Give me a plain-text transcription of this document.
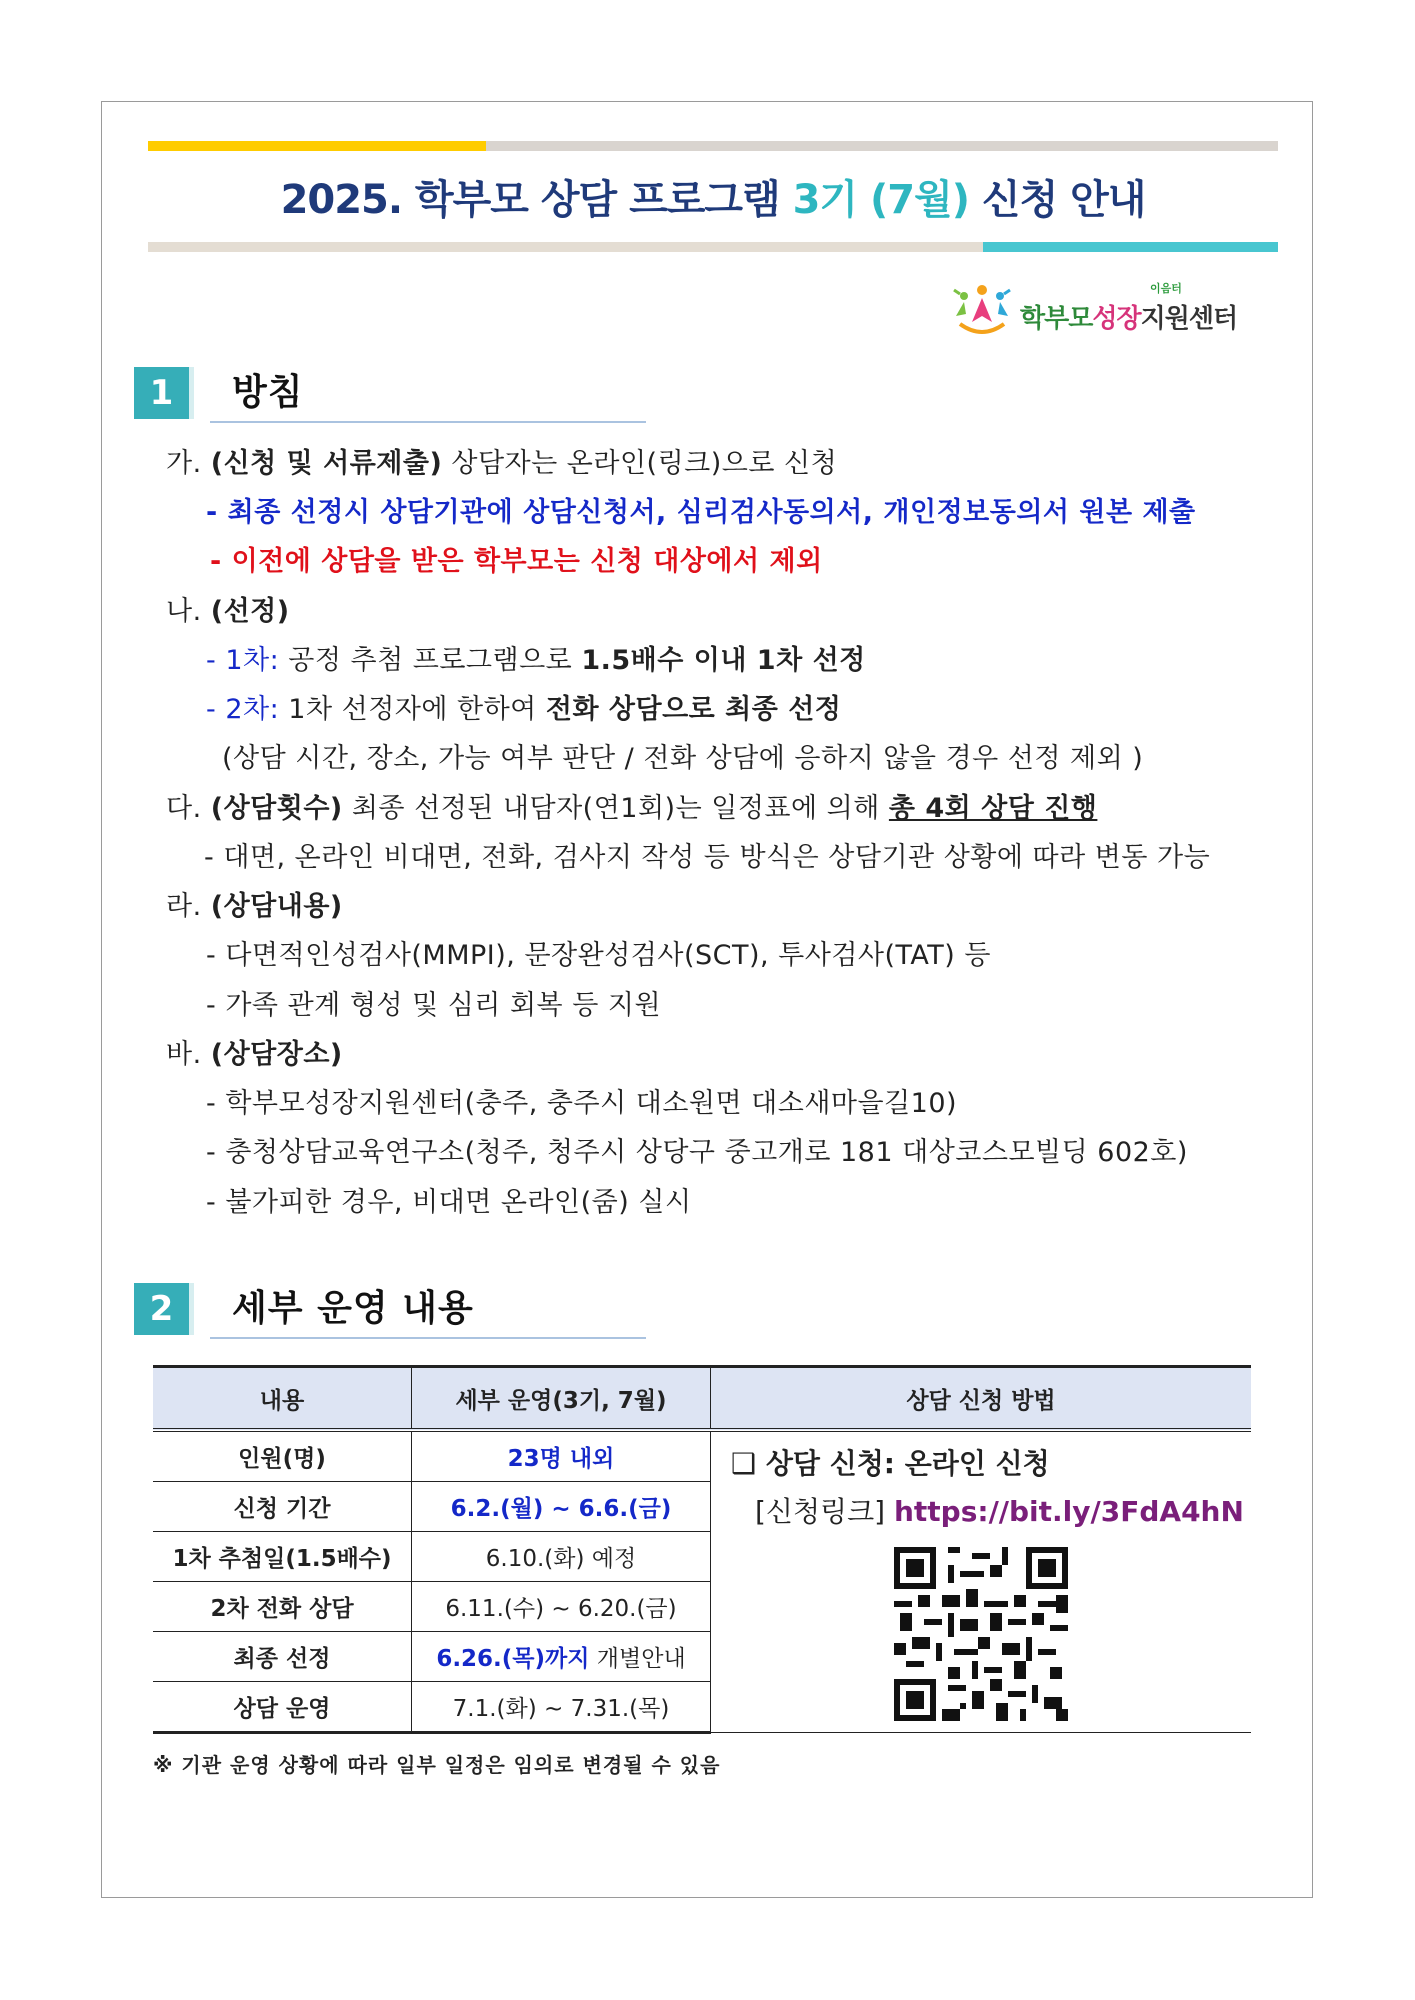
2025. 학부모 상담 프로그램 3기 (7월) 신청 안내
이음터
학부모성장지원센터
1	방침
가. (신청 및 서류제출) 상담자는 온라인(링크)으로 신청
- 최종 선정시 상담기관에 상담신청서, 심리검사동의서, 개인정보동의서 원본 제출
- 이전에 상담을 받은 학부모는 신청 대상에서 제외
나. (선정)
- 1차: 공정 추첨 프로그램으로 1.5배수 이내 1차 선정
- 2차: 1차 선정자에 한하여 전화 상담으로 최종 선정
(상담 시간, 장소, 가능 여부 판단 / 전화 상담에 응하지 않을 경우 선정 제외 )
다. (상담횟수) 최종 선정된 내담자(연1회)는 일정표에 의해 총 4회 상담 진행
- 대면, 온라인 비대면, 전화, 검사지 작성 등 방식은 상담기관 상황에 따라 변동 가능
라. (상담내용)
- 다면적인성검사(MMPI), 문장완성검사(SCT), 투사검사(TAT) 등
- 가족 관계 형성 및 심리 회복 등 지원
바. (상담장소)
- 학부모성장지원센터(충주, 충주시 대소원면 대소새마을길10)
- 충청상담교육연구소(청주, 청주시 상당구 중고개로 181 대상코스모빌딩 602호)
- 불가피한 경우, 비대면 온라인(줌) 실시
2	세부 운영 내용
내용	세부 운영(3기, 7월)	상담 신청 방법
인원(명)	23명 내외	❑ 상담 신청: 온라인 신청
[신청링크] https://bit.ly/3FdA4hN

신청 기간	6.2.(월) ~ 6.6.(금)	
1차 추첨일(1.5배수)	6.10.(화) 예정	
2차 전화 상담	6.11.(수) ~ 6.20.(금)	
최종 선정	6.26.(목)까지 개별안내	
상담 운영	7.1.(화) ~ 7.31.(목)	
※ 기관 운영 상황에 따라 일부 일정은 임의로 변경될 수 있음
